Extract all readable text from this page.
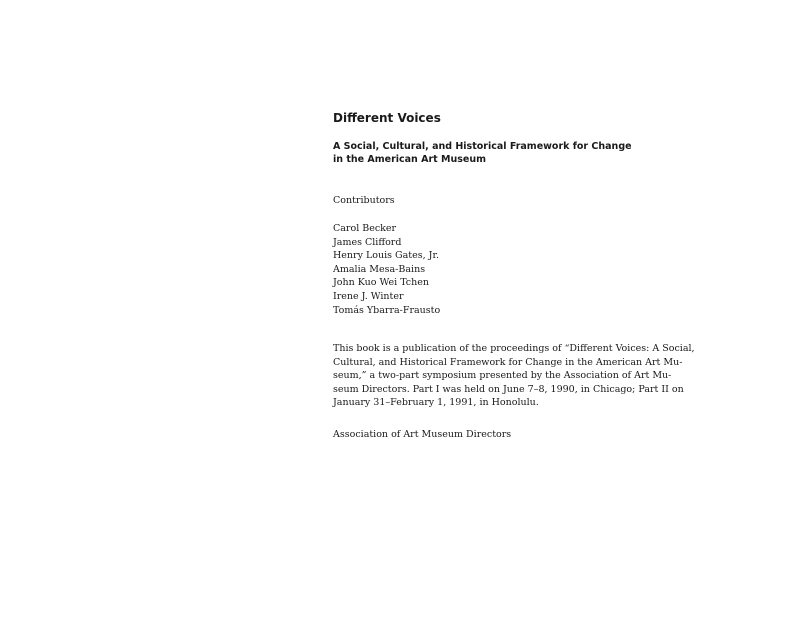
Different Voices
A Social, Cultural, and Historical Framework for Change
in the American Art Museum

Contributors

Carol Becker
James Clifford
Henry Louis Gates, Jr.
Amalia Mesa-Bains
John Kuo Wei Tchen
Irene J. Winter
Tomás Ybarra-Frausto

This book is a publication of the proceedings of “Different Voices: A Social,
Cultural, and Historical Framework for Change in the American Art Mu-
seum,” a two-part symposium presented by the Association of Art Mu-
seum Directors. Part I was held on June 7–8, 1990, in Chicago; Part II on
January 31–February 1, 1991, in Honolulu.

Association of Art Museum Directors
